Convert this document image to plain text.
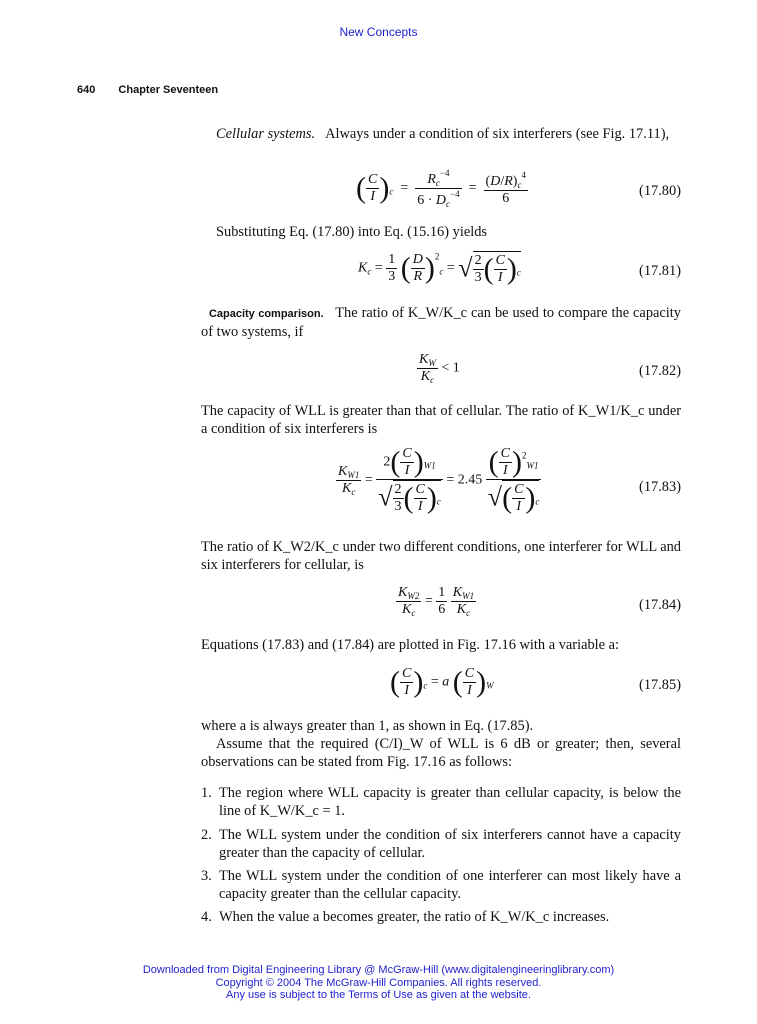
New Concepts
640 Chapter Seventeen
Cellular systems. Always under a condition of six interferers (see Fig. 17.11),
( $\frac{C}{I} )_c = \frac{R_c^{-4}}{6 \cdot D_c^{-4}} = \frac{(D/R)_c^4}{6}$	(17.80)
Substituting Eq. (17.80) into Eq. (15.16) yields
$K_c = \frac{1}{3}$ ( $\frac{D}{R} )^2_c$ = √ $\frac{2}{3}$ ( $\frac{C}{I} )_c$	(17.81)
Capacity comparison. The ratio of K_W/K_c can be used to compare the capacity of two systems, if
$\frac{K_W}{K_c} < 1$	(17.82)
The capacity of WLL is greater than that of cellular. The ratio of K_W1/K_c under a condition of six interferers is
$\frac{K_{W1}}{K_c} = \frac{2( \frac{C}{I} )_{W1}}{√ \frac{2}{3} ( \frac{C}{I} )_c} = 2.45 \frac{( \frac{C}{I} )^2_{W1}}{√( \frac{C}{I} )_c}$	(17.83)
The ratio of K_W2/K_c under two different conditions, one interferer for WLL and six interferers for cellular, is
$\frac{K_{W2}}{K_c} = \frac{1}{6}$
$\frac{K_{W1}}{K_c}$	(17.84)
Equations (17.83) and (17.84) are plotted in Fig. 17.16 with a variable a:
( $\frac{C}{I} )_c = a$ ( $\frac{C}{I} )_W$	(17.85)
where a is always greater than 1, as shown in Eq. (17.85).
Assume that the required (C/I)_W of WLL is 6 dB or greater; then, several observations can be stated from Fig. 17.16 as follows:
1. The region where WLL capacity is greater than cellular capacity, is below the line of K_W/K_c = 1.
2. The WLL system under the condition of six interferers cannot have a capacity greater than the capacity of cellular.
3. The WLL system under the condition of one interferer can most likely have a capacity greater than the cellular capacity.
4. When the value a becomes greater, the ratio of K_W/K_c increases.
Downloaded from Digital Engineering Library @ McGraw-Hill (www.digitalengineeringlibrary.com)
Copyright © 2004 The McGraw-Hill Companies. All rights reserved.
Any use is subject to the Terms of Use as given at the website.
